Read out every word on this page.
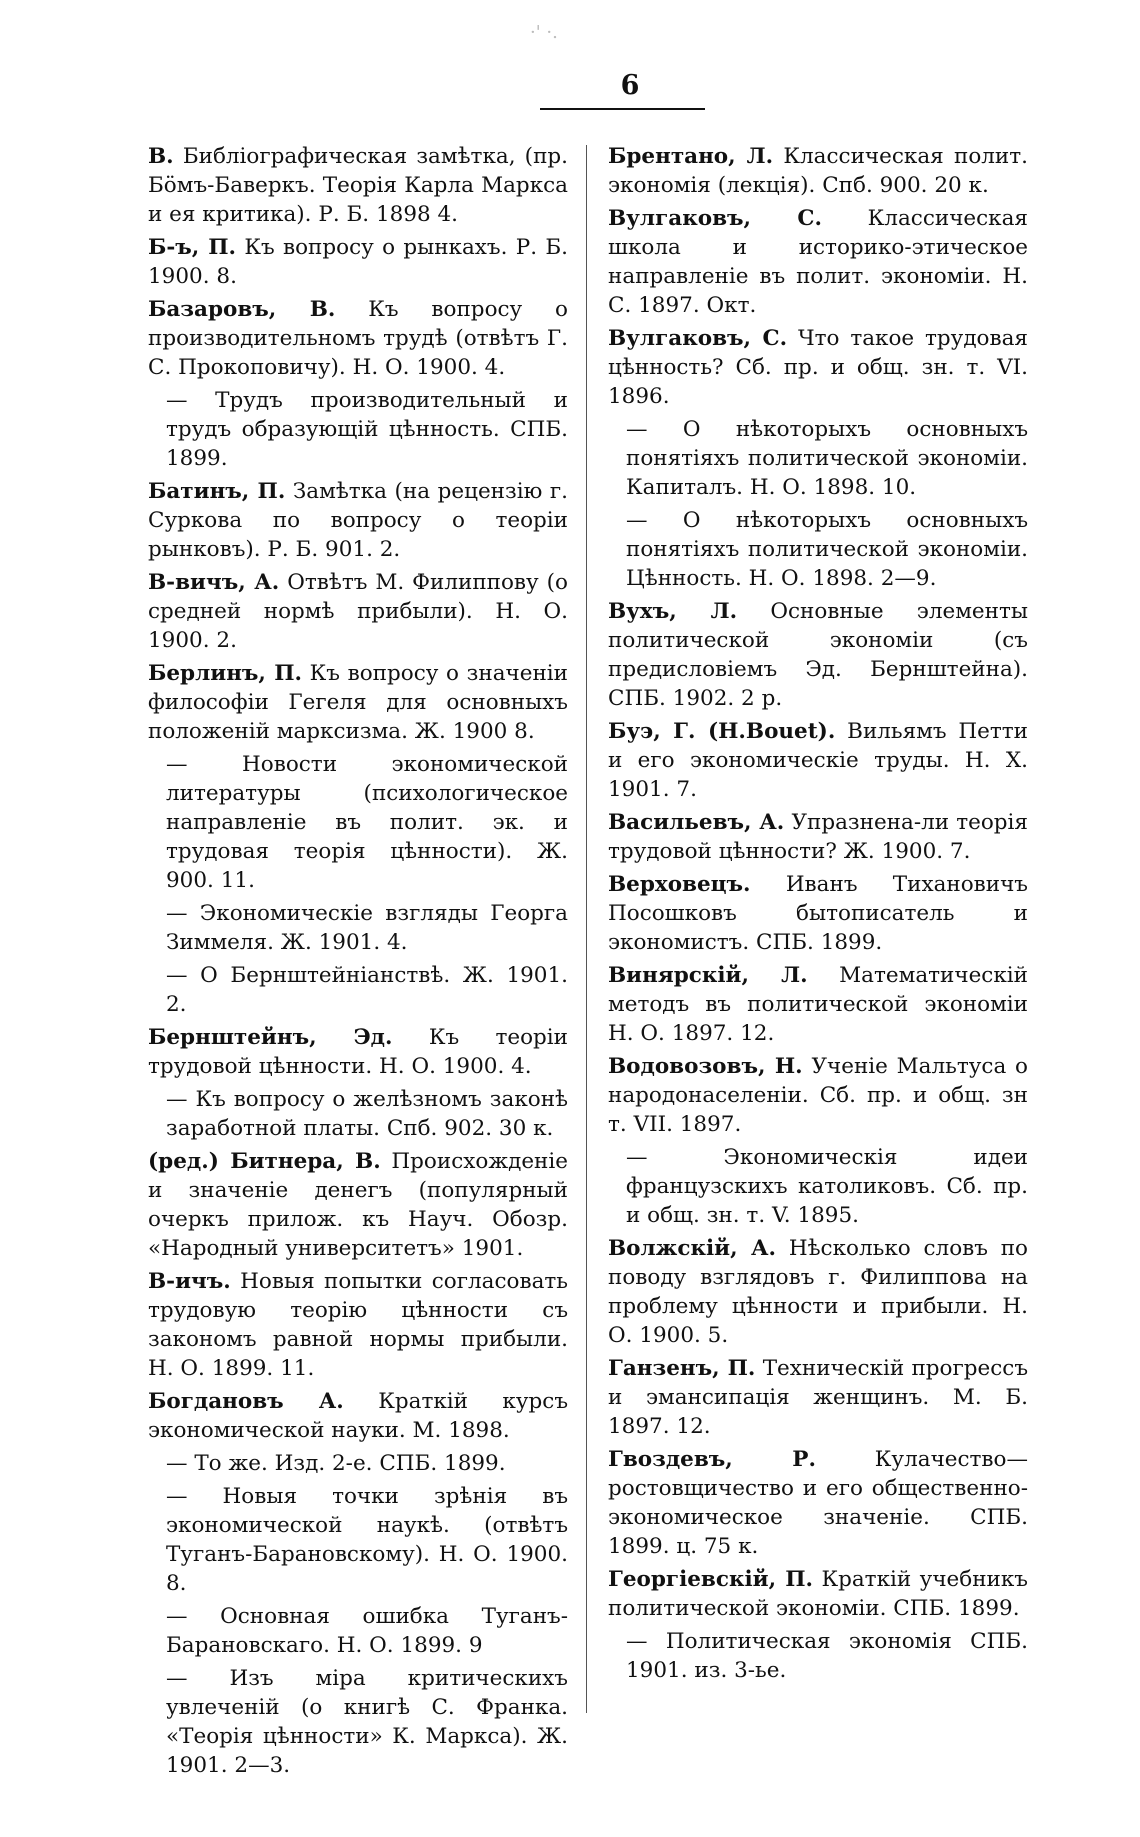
·' ·.
6

В. Библіографическая замѣтка, (пр. Бöмъ-Баверкъ. Теорія Карла Маркса и ея критика). Р. Б. 1898 4.

Б-ъ, П. Къ вопросу о рынкахъ. Р. Б. 1900. 8.

Базаровъ, В. Къ вопросу о производительномъ трудѣ (отвѣтъ Г. С. Прокоповичу). Н. О. 1900. 4.

— Трудъ производительный и трудъ образующій цѣнность. СПБ. 1899.

Батинъ, П. Замѣтка (на рецензію г. Суркова по вопросу о теоріи рынковъ). Р. Б. 901. 2.

В-вичъ, А. Отвѣтъ М. Филиппову (о средней нормѣ прибыли). Н. О. 1900. 2.

Берлинъ, П. Къ вопросу о значеніи философіи Гегеля для основныхъ положеній марксизма. Ж. 1900 8.

— Новости экономической литературы (психологическое направленіе въ полит. эк. и трудовая теорія цѣнности). Ж. 900. 11.

— Экономическіе взгляды Георга Зиммеля. Ж. 1901. 4.

— О Бернштейніанствѣ. Ж. 1901. 2.

Бернштейнъ, Эд. Къ теоріи трудовой цѣнности. Н. О. 1900. 4.

— Къ вопросу о желѣзномъ законѣ заработной платы. Спб. 902. 30 к.

(ред.) Битнера, В. Происхожденіе и значеніе денегъ (популярный очеркъ прилож. къ Науч. Обозр. «Народный университетъ» 1901.

В-ичъ. Новыя попытки согласовать трудовую теорію цѣнности съ закономъ равной нормы прибыли. Н. О. 1899. 11.

Богдановъ А. Краткій курсъ экономической науки. М. 1898.

— То же. Изд. 2-е. СПБ. 1899.

— Новыя точки зрѣнія въ экономической наукѣ. (отвѣтъ Туганъ-Барановскому). Н. О. 1900. 8.

— Основная ошибка Туганъ-Барановскаго. Н. О. 1899. 9

— Изъ міра критическихъ увлеченій (о книгѣ С. Франка. «Теорія цѣнности» К. Маркса). Ж. 1901. 2—3.

Брентано, Л. Классическая полит. экономія (лекція). Спб. 900. 20 к.

Вулгаковъ, С. Классическая школа и историко-этическое направленіе въ полит. экономіи. Н. С. 1897. Окт.

Вулгаковъ, С. Что такое трудовая цѣнность? Сб. пр. и общ. зн. т. VI. 1896.

— О нѣкоторыхъ основныхъ понятіяхъ политической экономіи. Капиталъ. Н. О. 1898. 10.

— О нѣкоторыхъ основныхъ понятіяхъ политической экономіи. Цѣнность. Н. О. 1898. 2—9.

Вухъ, Л. Основные элементы политической экономіи (съ предисловіемъ Эд. Бернштейна). СПБ. 1902. 2 р.

Буэ, Г. (Н.Bouet). Вильямъ Петти и его экономическіе труды. Н. Х. 1901. 7.

Васильевъ, А. Упразнена-ли теорія трудовой цѣнности? Ж. 1900. 7.

Верховецъ. Иванъ Тихановичъ Посошковъ бытописатель и экономистъ. СПБ. 1899.

Винярскій, Л. Математическій методъ въ политической экономіи Н. О. 1897. 12.

Водовозовъ, Н. Ученіе Мальтуса о народонаселеніи. Сб. пр. и общ. зн т. VII. 1897.

— Экономическія идеи французскихъ католиковъ. Сб. пр. и общ. зн. т. V. 1895.

Волжскій, А. Нѣсколько словъ по поводу взглядовъ г. Филиппова на проблему цѣнности и прибыли. Н. О. 1900. 5.

Ганзенъ, П. Техническій прогрессъ и эмансипація женщинъ. М. Б. 1897. 12.

Гвоздевъ, Р.	Кулачество—ростовщичество и его общественно-экономическое значеніе. СПБ. 1899. ц. 75 к.

Георгіевскій, П. Краткій учебникъ политической экономіи. СПБ. 1899.

— Политическая экономія СПБ. 1901. из. 3-ье.
